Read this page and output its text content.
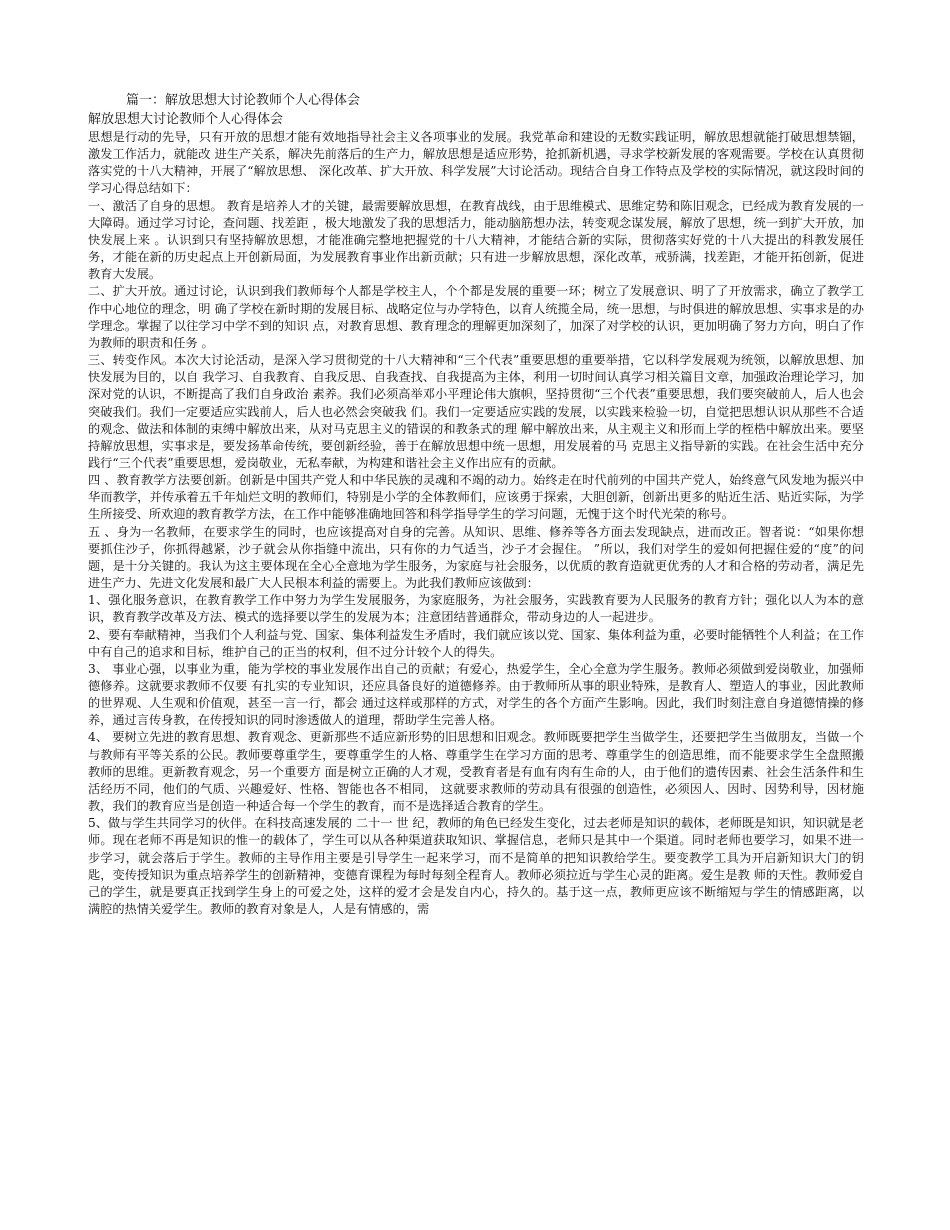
篇一：解放思想大讨论教师个人心得体会
解放思想大讨论教师个人心得体会
思想是行动的先导，只有开放的思想才能有效地指导社会主义各项事业的发展。我党革命和建设的无数实践证明，解放思想就能打破思想禁锢，激发工作活力，就能改 进生产关系，解决先前落后的生产力，解放思想是适应形势，抢抓新机遇，寻求学校新发展的客观需要。学校在认真贯彻落实党的十八大精神，开展了“解放思想、 深化改革、扩大开放、科学发展”大讨论活动。现结合自身工作特点及学校的实际情况，就这段时间的学习心得总结如下：
一、激活了自身的思想。 教育是培养人才的关键，最需要解放思想，在教育战线，由于思维模式、思维定势和陈旧观念，已经成为教育发展的一大障碍。通过学习讨论，查问题、找差距 ，极大地激发了我的思想活力，能动脑筋想办法，转变观念谋发展，解放了思想，统一到扩大开放，加快发展上来 。认识到只有坚持解放思想，才能准确完整地把握党的十八大精神，才能结合新的实际，贯彻落实好党的十八大提出的科教发展任务，才能在新的历史起点上开创新局面，为发展教育事业作出新贡献；只有进一步解放思想，深化改革，戒骄满，找差距，才能开拓创新，促进教育大发展。
二、扩大开放。通过讨论，认识到我们教师每个人都是学校主人，个个都是发展的重要一环；树立了发展意识、明了了开放需求，确立了教学工作中心地位的理念，明 确了学校在新时期的发展目标、战略定位与办学特色，以育人统揽全局，统一思想，与时俱进的解放思想、实事求是的办学理念。掌握了以往学习中学不到的知识 点，对教育思想、教育理念的理解更加深刻了，加深了对学校的认识，更加明确了努力方向，明白了作为教师的职责和任务 。
三、转变作风。本次大讨论活动，是深入学习贯彻党的十八大精神和“三个代表”重要思想的重要举措，它以科学发展观为统领，以解放思想、加快发展为目的，以自 我学习、自我教育、自我反思、自我查找、自我提高为主体，利用一切时间认真学习相关篇目文章，加强政治理论学习，加深对党的认识，不断提高了我们自身政治 素养。我们必须高举邓小平理论伟大旗帜，坚持贯彻“三个代表”重要思想，我们要突破前人，后人也会突破我们。我们一定要适应实践前人，后人也必然会突破我 们。我们一定要适应实践的发展，以实践来检验一切，自觉把思想认识从那些不合适的观念、做法和体制的束缚中解放出来，从对马克思主义的错误的和教条式的理 解中解放出来，从主观主义和形而上学的桎梏中解放出来。要坚持解放思想，实事求是，要发扬革命传统，要创新经验，善于在解放思想中统一思想，用发展着的马 克思主义指导新的实践。在社会生活中充分践行“三个代表”重要思想，爱岗敬业，无私奉献，为构建和谐社会主义作出应有的贡献。
四 、教育教学方法要创新。创新是中国共产党人和中华民族的灵魂和不竭的动力。始终走在时代前列的中国共产党人，始终意气风发地为振兴中华而教学，并传承着五千年灿烂文明的教师们，特别是小学的全体教师们，应该勇于探索，大胆创新，创新出更多的贴近生活、贴近实际，为学生所接受、所欢迎的教育教学方法，在工作中能够准确地回答和科学指导学生的学习问题，无愧于这个时代光荣的称号。
五 、身为一名教师，在要求学生的同时，也应该提高对自身的完善。从知识、思维、修养等各方面去发现缺点，进而改正。智者说：“如果你想要抓住沙子，你抓得越紧，沙子就会从你指缝中流出，只有你的力气适当，沙子才会握住。 ”所以，我们对学生的爱如何把握住爱的“度”的问题，是十分关键的。我认为这主要体现在全心全意地为学生服务，为家庭与社会服务，以优质的教育造就更优秀的人才和合格的劳动者，满足先进生产力、先进文化发展和最广大人民根本利益的需要上。为此我们教师应该做到：
1、强化服务意识，在教育教学工作中努力为学生发展服务，为家庭服务，为社会服务，实践教育要为人民服务的教育方针；强化以人为本的意识，教育教学改革及方法、模式的选择要以学生的发展为本；注意团结普通群众，带动身边的人一起进步。
2、要有奉献精神，当我们个人利益与党、国家、集体利益发生矛盾时，我们就应该以党、国家、集体利益为重，必要时能牺牲个人利益；在工作中有自己的追求和目标，维护自己的正当的权利，但不过分计较个人的得失。
3、 事业心强，以事业为重，能为学校的事业发展作出自己的贡献；有爱心，热爱学生，全心全意为学生服务。教师必须做到爱岗敬业，加强师德修养。这就要求教师不仅要 有扎实的专业知识，还应具备良好的道德修养。由于教师所从事的职业特殊，是教育人、塑造人的事业，因此教师的世界观、人生观和价值观，甚至一言一行，都会 通过这样或那样的方式，对学生的各个方面产生影响。因此，我们时刻注意自身道德情操的修养，通过言传身教，在传授知识的同时渗透做人的道理，帮助学生完善人格。
4、 要树立先进的教育思想、教育观念、更新那些不适应新形势的旧思想和旧观念。教师既要把学生当做学生，还要把学生当做朋友，当做一个与教师有平等关系的公民。教师要尊重学生，要尊重学生的人格、尊重学生在学习方面的思考、尊重学生的创造思维，而不能要求学生全盘照搬教师的思维。更新教育观念，另一个重要方 面是树立正确的人才观，受教育者是有血有肉有生命的人，由于他们的遗传因素、社会生活条件和生活经历不同，他们的气质、兴趣爱好、性格、智能也各不相同， 这就要求教师的劳动具有很强的创造性，必须因人、因时、因势利导，因材施教，我们的教育应当是创造一种适合每一个学生的教育，而不是选择适合教育的学生。
5、做与学生共同学习的伙伴。在科技高速发展的 二十一 世 纪，教师的角色已经发生变化，过去老师是知识的载体，老师既是知识，知识就是老师。现在老师不再是知识的惟一的载体了，学生可以从各种渠道获取知识、掌握信息，老师只是其中一个渠道。同时老师也要学习，如果不进一步学习，就会落后于学生。教师的主导作用主要是引导学生一起来学习，而不是简单的把知识教给学生。要变教学工具为开启新知识大门的钥匙，变传授知识为重点培养学生的创新精神，变德育课程为每时每刻全程育人。教师必须拉近与学生心灵的距离。爱生是教 师的天性。教师爱自己的学生，就是要真正找到学生身上的可爱之处，这样的爱才会是发自内心，持久的。基于这一点，教师更应该不断缩短与学生的情感距离，以 满腔的热情关爱学生。教师的教育对象是人，人是有情感的，需
